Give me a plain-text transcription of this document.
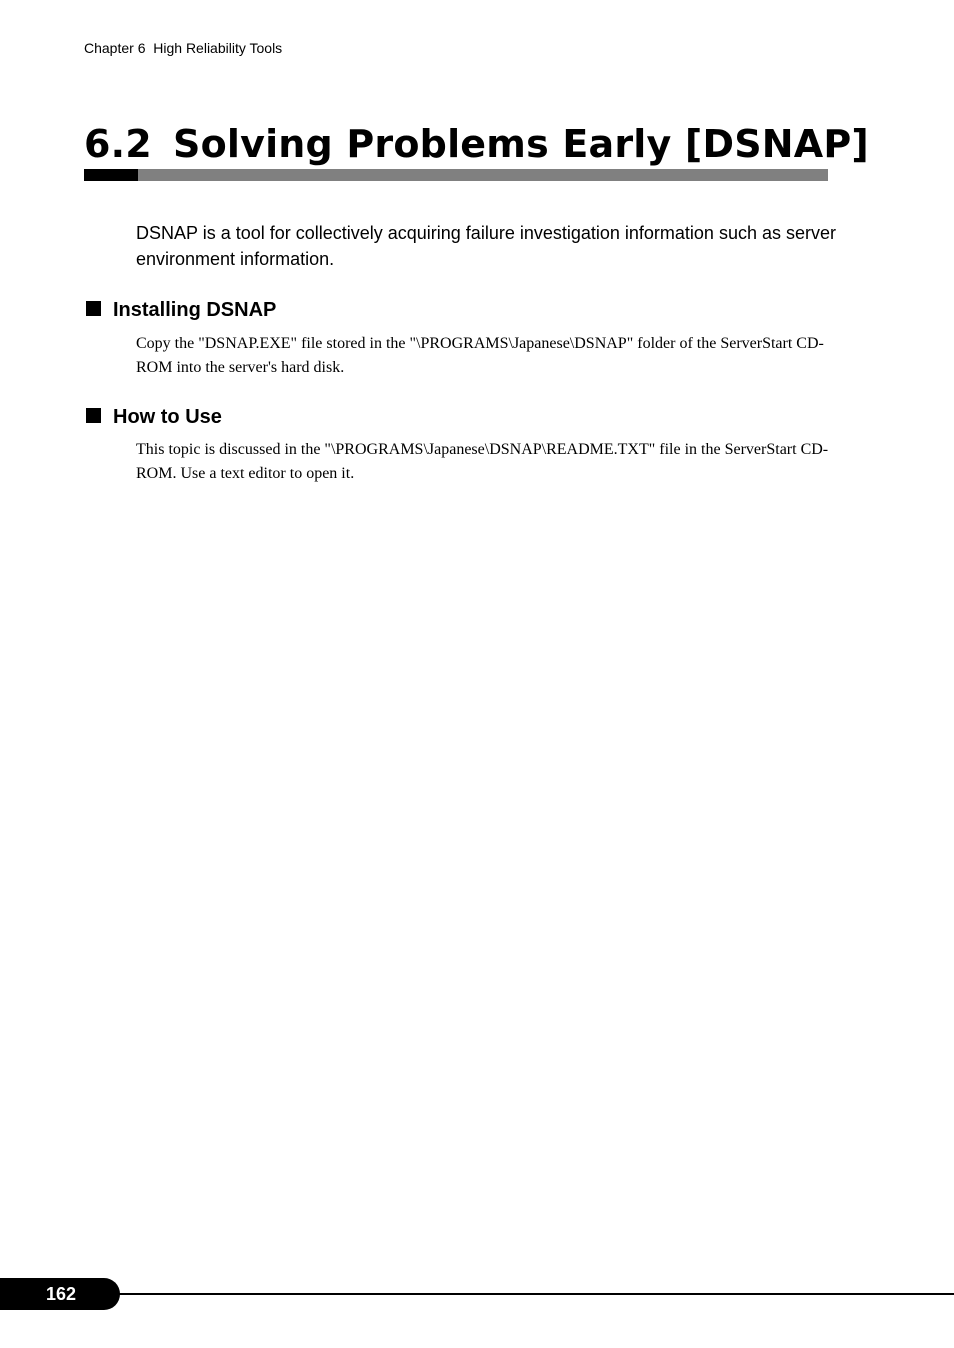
Chapter 6  High Reliability Tools
6.2 Solving Problems Early [DSNAP]

DSNAP is a tool for collectively acquiring failure investigation information such as server environment information.

Installing DSNAP

Copy the "DSNAP.EXE" file stored in the "\PROGRAMS\Japanese\DSNAP" folder of the ServerStart CD-ROM into the server's hard disk.

How to Use

This topic is discussed in the "\PROGRAMS\Japanese\DSNAP\README.TXT" file in the ServerStart CD-ROM. Use a text editor to open it.

162
